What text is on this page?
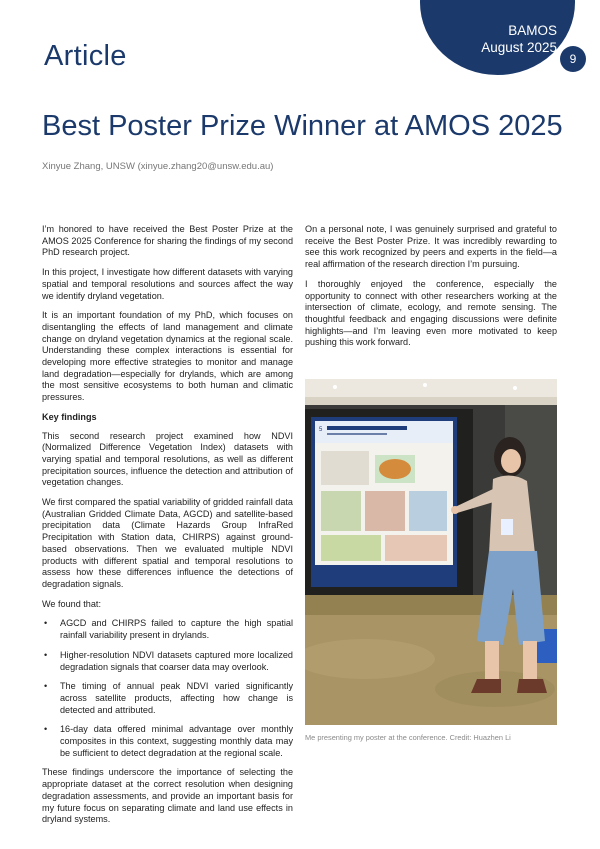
BAMOS
August 2025
9
Article
Best Poster Prize Winner at AMOS 2025
Xinyue Zhang, UNSW (xinyue.zhang20@unsw.edu.au)

I’m honored to have received the Best Poster Prize at the AMOS 2025 Conference for sharing the findings of my second PhD research project.

In this project, I investigate how different datasets with varying spatial and temporal resolutions and sources affect the way we identify dryland vegetation.

It is an important foundation of my PhD, which focuses on disentangling the effects of land management and climate change on dryland vegetation dynamics at the regional scale. Understanding these complex interactions is essential for developing more effective strategies to monitor and manage land degradation—especially for drylands, which are among the most sensitive ecosystems to both human and climatic pressures.

Key findings

This second research project examined how NDVI (Normalized Difference Vegetation Index) datasets with varying spatial and temporal resolutions, as well as different precipitation sources, influence the detection and attribution of vegetation changes.

We first compared the spatial variability of gridded rainfall data (Australian Gridded Climate Data, AGCD) and satellite-based precipitation data (Climate Hazards Group InfraRed Precipitation with Station data, CHIRPS) against ground-based observations. Then we evaluated multiple NDVI products with different spatial and temporal resolutions to assess how these differences influence the detections of degradation signals.

We found that:

• AGCD and CHIRPS failed to capture the high spatial rainfall variability present in drylands.
• Higher-resolution NDVI datasets captured more localized degradation signals that coarser data may overlook.
• The timing of annual peak NDVI varied significantly across satellite products, affecting how change is detected and attributed.
• 16-day data offered minimal advantage over monthly composites in this context, suggesting monthly data may be sufficient to detect degradation at the regional scale.

These findings underscore the importance of selecting the appropriate dataset at the correct resolution when designing degradation assessments, and provide an important basis for my future focus on separating climate and land use effects in dryland systems.

On a personal note, I was genuinely surprised and grateful to receive the Best Poster Prize. It was incredibly rewarding to see this work recognized by peers and experts in the field—a real affirmation of the research direction I’m pursuing.

I thoroughly enjoyed the conference, especially the opportunity to connect with other researchers working at the intersection of climate, ecology, and remote sensing. The thoughtful feedback and engaging discussions were definite highlights—and I’m leaving even more motivated to keep pushing this work forward.

5
Me presenting my poster at the conference. Credit: Huazhen Li
